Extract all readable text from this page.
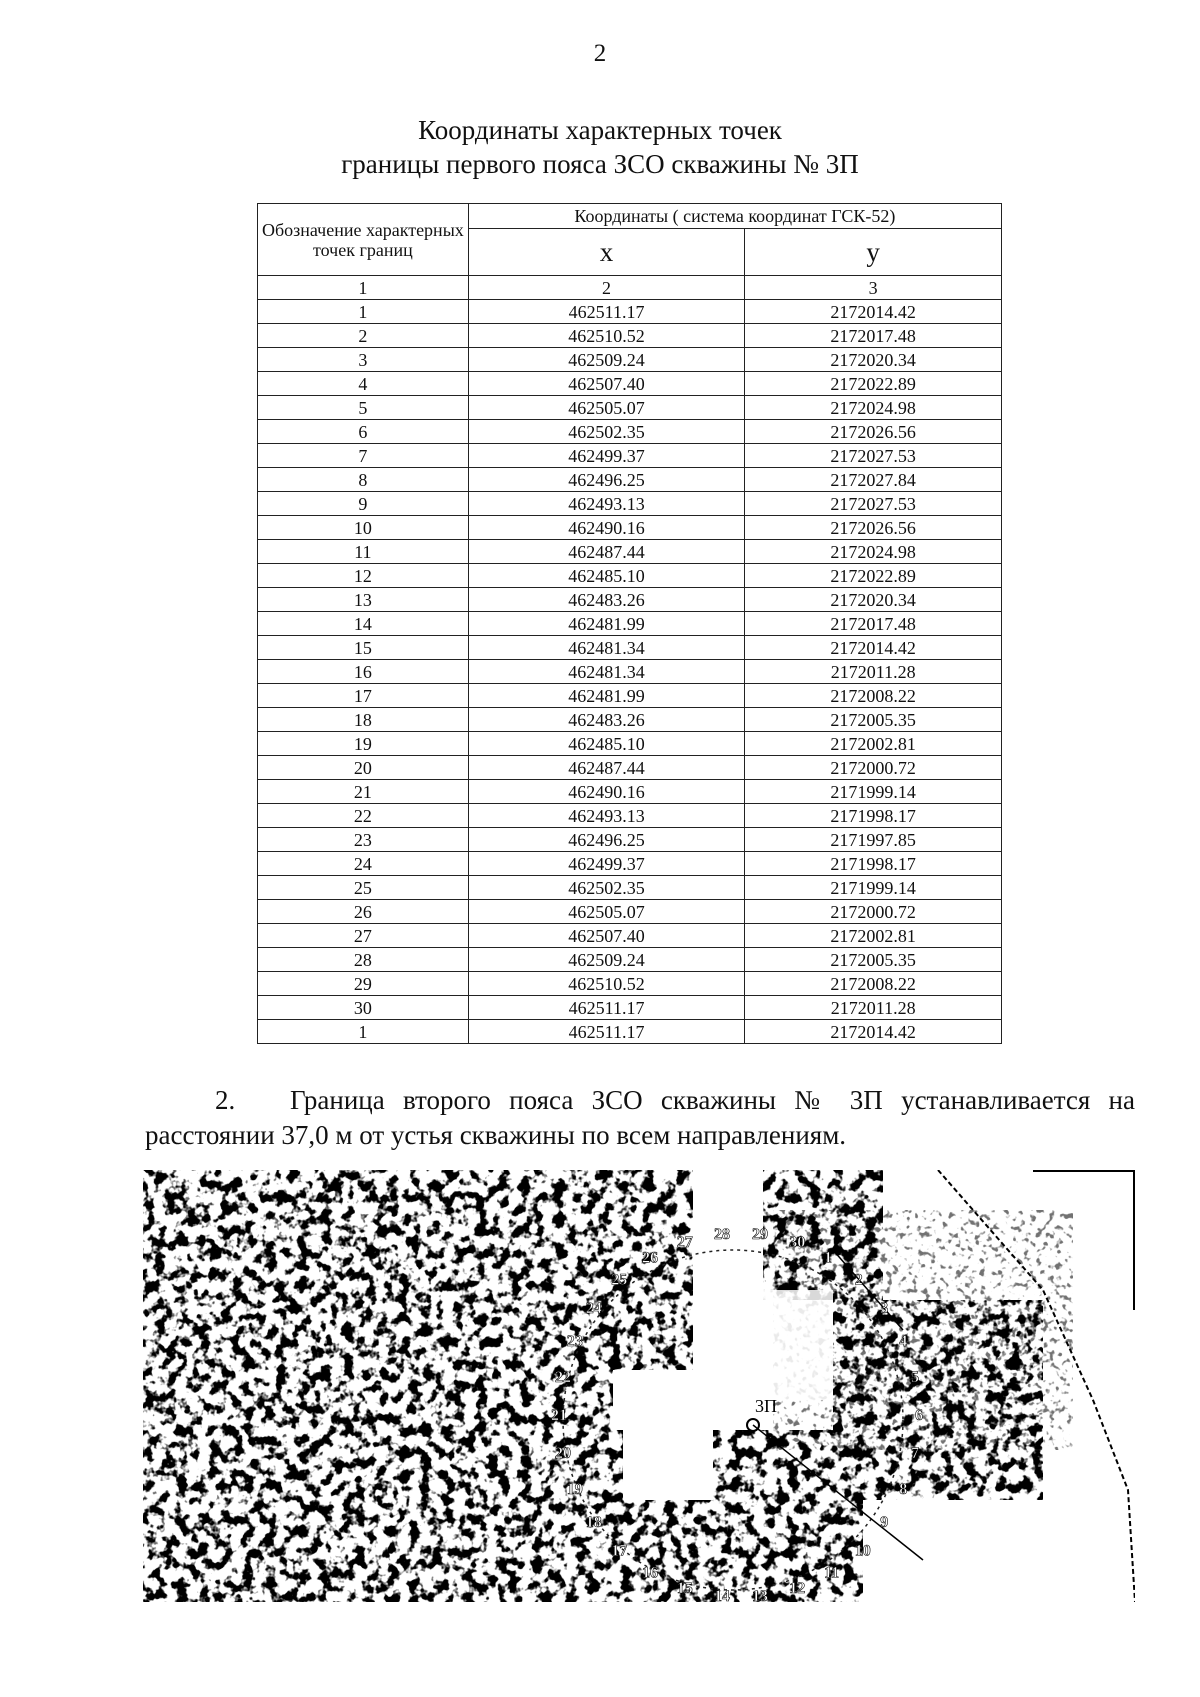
2
Координаты характерных точек
границы первого пояса ЗСО скважины № 3П
Обозначение характерных точек границ	Координаты ( система координат ГСК-52)	
	x	y
1	2	3
1	462511.17	2172014.42
2	462510.52	2172017.48
3	462509.24	2172020.34
4	462507.40	2172022.89
5	462505.07	2172024.98
6	462502.35	2172026.56
7	462499.37	2172027.53
8	462496.25	2172027.84
9	462493.13	2172027.53
10	462490.16	2172026.56
11	462487.44	2172024.98
12	462485.10	2172022.89
13	462483.26	2172020.34
14	462481.99	2172017.48
15	462481.34	2172014.42
16	462481.34	2172011.28
17	462481.99	2172008.22
18	462483.26	2172005.35
19	462485.10	2172002.81
20	462487.44	2172000.72
21	462490.16	2171999.14
22	462493.13	2171998.17
23	462496.25	2171997.85
24	462499.37	2171998.17
25	462502.35	2171999.14
26	462505.07	2172000.72
27	462507.40	2172002.81
28	462509.24	2172005.35
29	462510.52	2172008.22
30	462511.17	2172011.28
1	462511.17	2172014.42
2. Граница второго пояса ЗСО скважины № 3П устанавливается на расстоянии 37,0 м от устья скважины по всем направлениям.
3П
1
2
3
4
5
6
7
8
9
10
11
12
13
14
15
16
17
18
19
20
21
22
23
24
25
26
27 28 29 30
